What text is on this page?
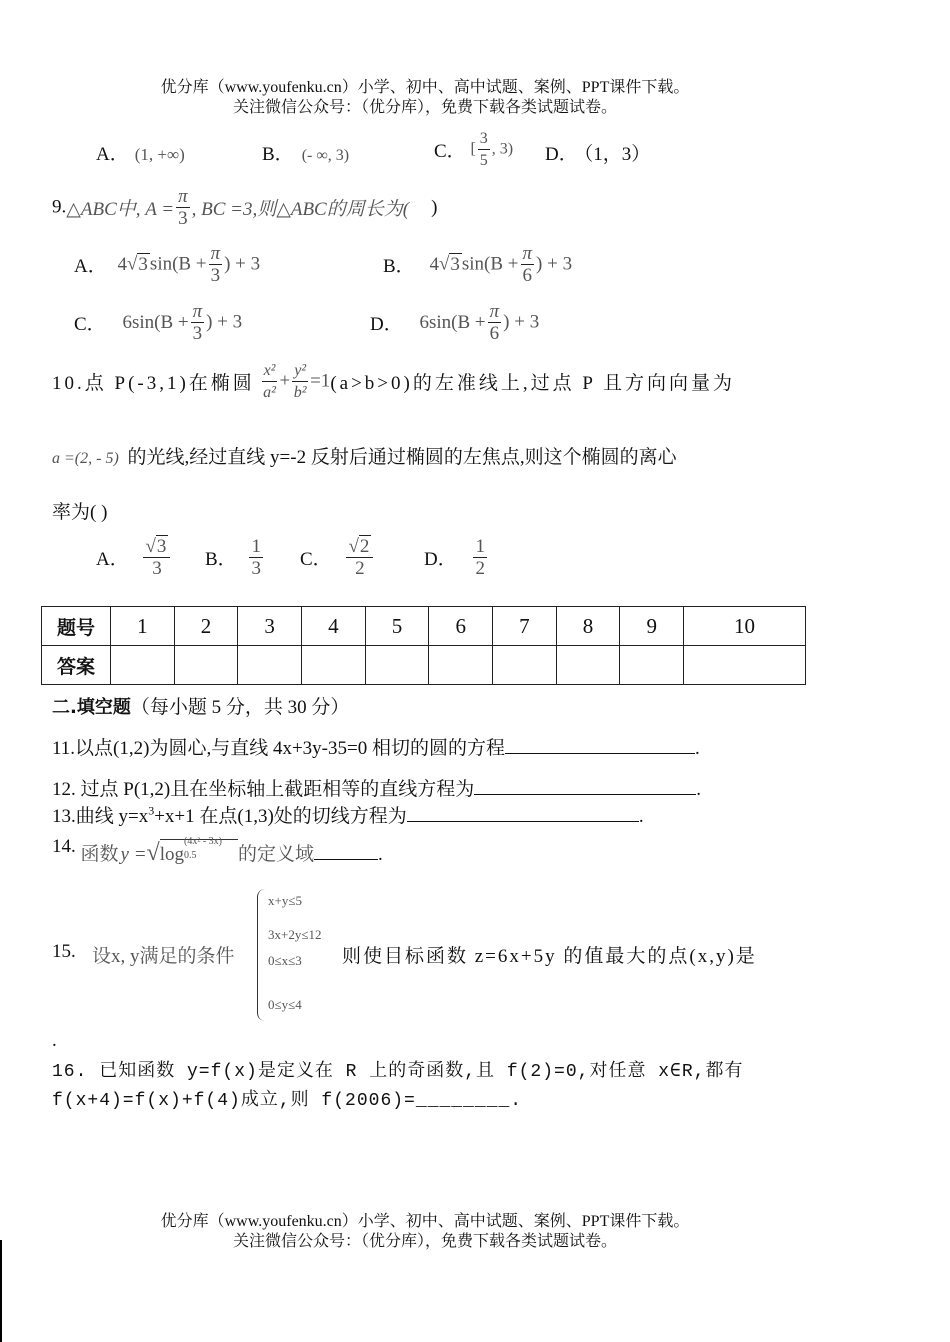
优分库（www.youfenku.cn）小学、初中、高中试题、案例、PPT课件下载。
关注微信公众号：（优分库），免费下载各类试题试卷。
A． (1, +∞)	B． (- ∞, 3)	C． [ $\frac{3}{5}$ , 3) D． （1，3）
9.△ABC中, $A = \frac{\pi}{3}$ , BC =3,则△ABC的周长为( )
A． 4√3 $\sin(B + \frac{\pi}{3}$ ) + 3	B． 4√3 $\sin(B + \frac{\pi}{6}$ ) + 3
C． $6\sin(B + \frac{\pi}{3}$ ) + 3	D． $6\sin(B + \frac{\pi}{6}$ ) + 3
10.点 P(-3,1)在椭圆 $\frac{\text{x²}}{\text{a²}} + \frac{\text{y²}}{\text{b²}} =1(a>b>0)$的左准线上,过点 P 且方向向量为
a =(2, - 5) 的光线,经过直线 y=-2 反射后通过椭圆的左焦点,则这个椭圆的离心
率为( )
A． $\frac{√3}{3}$ B． $\frac{1}{3}$ C． $\frac{√2}{2}$	D． $\frac{1}{2}$
题号	1	2	3	4	5	6	7	8	9	10
答案										
二.填空题（每小题 5 分，共 30 分）
11.以点(1,2)为圆心,与直线 4x+3y-35=0 相切的圆的方程	.
12. 过点 P(1,2)且在坐标轴上截距相等的直线方程为	.
13.曲线 $y=x^3+x+1$ 在点(1,3)处的切线方程为	.
14. 函数 y =√log
(4x² - 3x)
0.5 的定义域	.
15. 设x, y满足的条件
x+y≤5
3x+2y≤12
0≤x≤3
0≤y≤4
则使目标函数 z=6x+5y 的值最大的点(x,y)是
.
16. 已知函数 y=f(x)是定义在 R 上的奇函数,且 f(2)=0,对任意 x∈R,都有
f(x+4)=f(x)+f(4)成立,则 f(2006)=________.
优分库（www.youfenku.cn）小学、初中、高中试题、案例、PPT课件下载。
关注微信公众号：（优分库），免费下载各类试题试卷。
